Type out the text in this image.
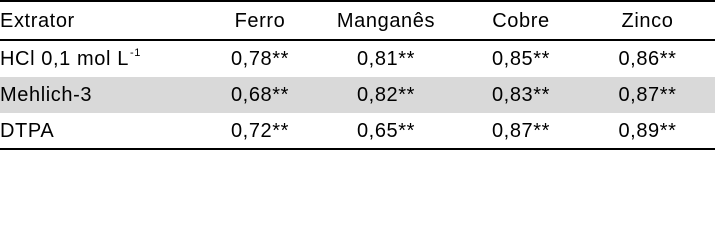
Extrator	Ferro	Manganês	Cobre	Zinco
HCl 0,1 mol $L^{-1}$	0,78**	0,81**	0,85**	0,86**
Mehlich-3	0,68**	0,82**	0,83**	0,87**
DTPA	0,72**	0,65**	0,87**	0,89**
